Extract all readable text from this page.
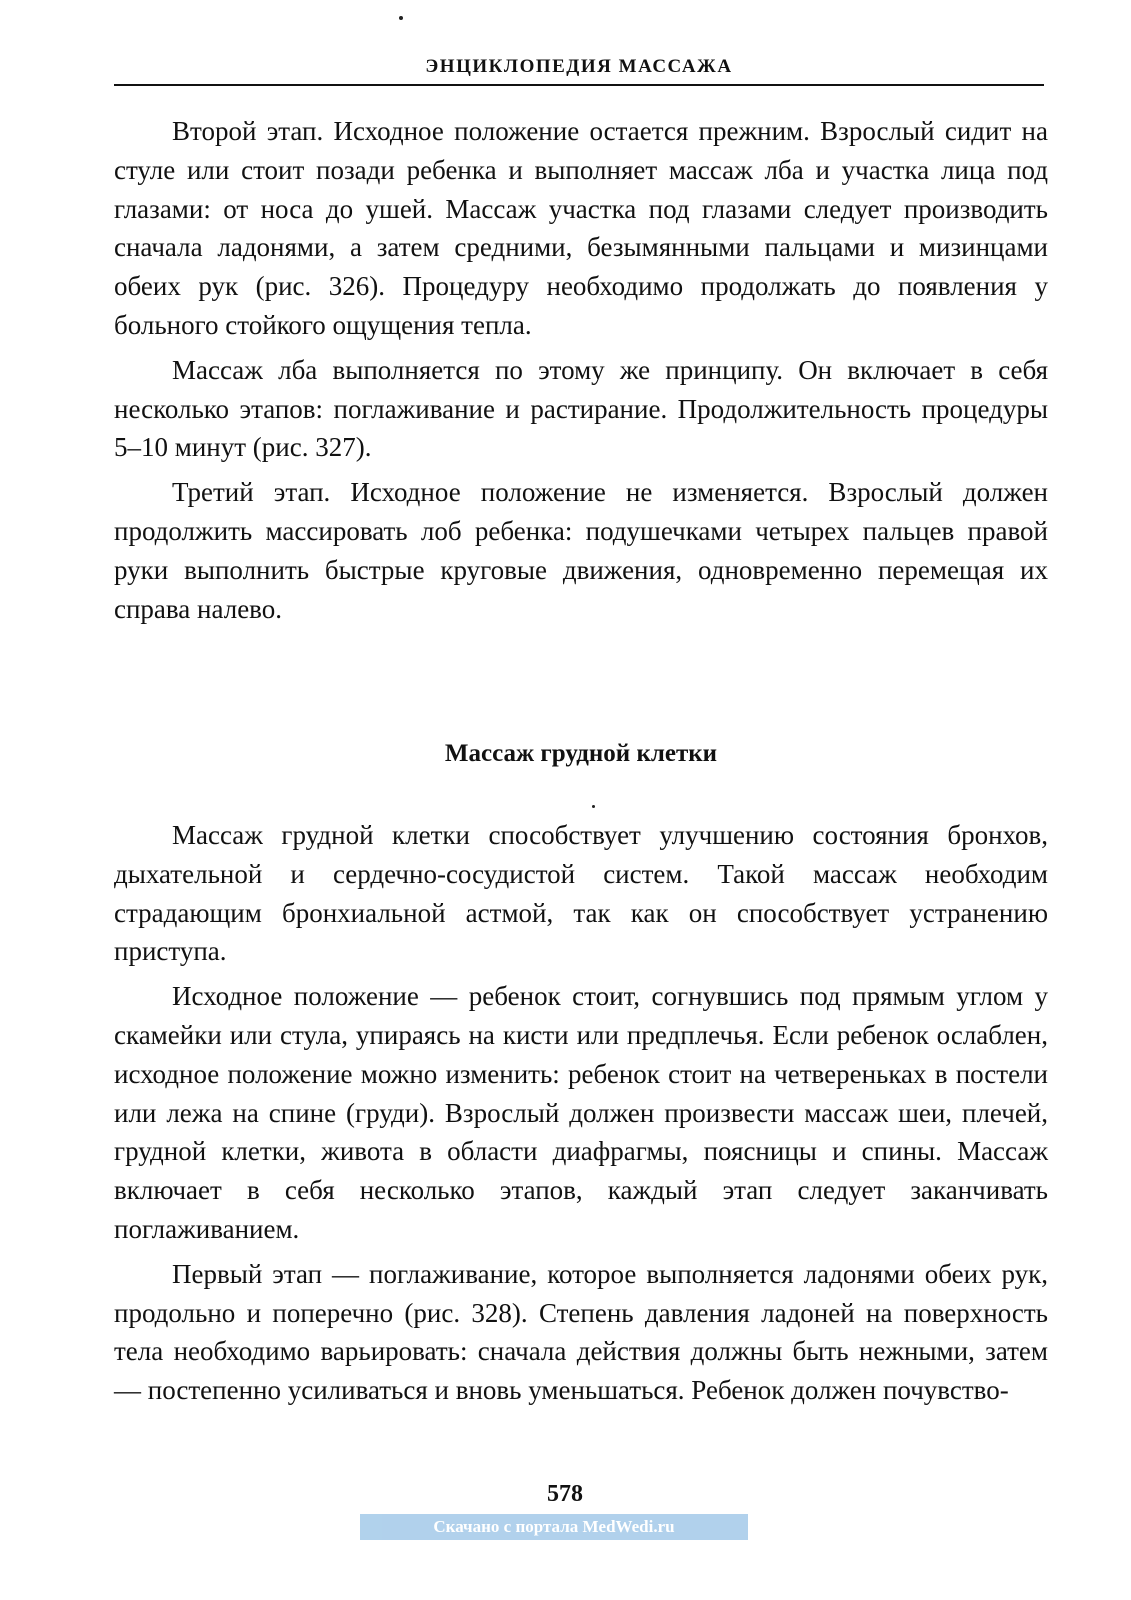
ЭНЦИКЛОПЕДИЯ МАССАЖА

Второй этап. Исходное положение остается прежним. Взрослый сидит на стуле или стоит позади ребенка и выполняет массаж лба и участка лица под глазами: от носа до ушей. Массаж участка под глазами следует производить сначала ладонями, а затем средними, безымянными пальцами и мизинцами обеих рук (рис. 326). Процедуру необходимо продолжать до появления у больного стойкого ощущения тепла.

Массаж лба выполняется по этому же принципу. Он включает в себя несколько этапов: поглаживание и растирание. Продолжительность процедуры 5–10 минут (рис. 327).

Третий этап. Исходное положение не изменяется. Взрослый должен продолжить массировать лоб ребенка: подушечками четырех пальцев правой руки выполнить быстрые круговые движения, одновременно перемещая их справа налево.

Массаж грудной клетки

Массаж грудной клетки способствует улучшению состояния бронхов, дыхательной и сердечно-сосудистой систем. Такой массаж необходим страдающим бронхиальной астмой, так как он способствует устранению приступа.

Исходное положение — ребенок стоит, согнувшись под прямым углом у скамейки или стула, упираясь на кисти или предплечья. Если ребенок ослаблен, исходное положение можно изменить: ребенок стоит на четвереньках в постели или лежа на спине (груди). Взрослый должен произвести массаж шеи, плечей, грудной клетки, живота в области диафрагмы, поясницы и спины. Массаж включает в себя несколько этапов, каждый этап следует заканчивать поглаживанием.

Первый этап — поглаживание, которое выполняется ладонями обеих рук, продольно и поперечно (рис. 328). Степень давления ладоней на поверхность тела необходимо варьировать: сначала действия должны быть нежными, затем — постепенно усиливаться и вновь уменьшаться. Ребенок должен почувство-

578
Скачано с портала MedWedi.ru
